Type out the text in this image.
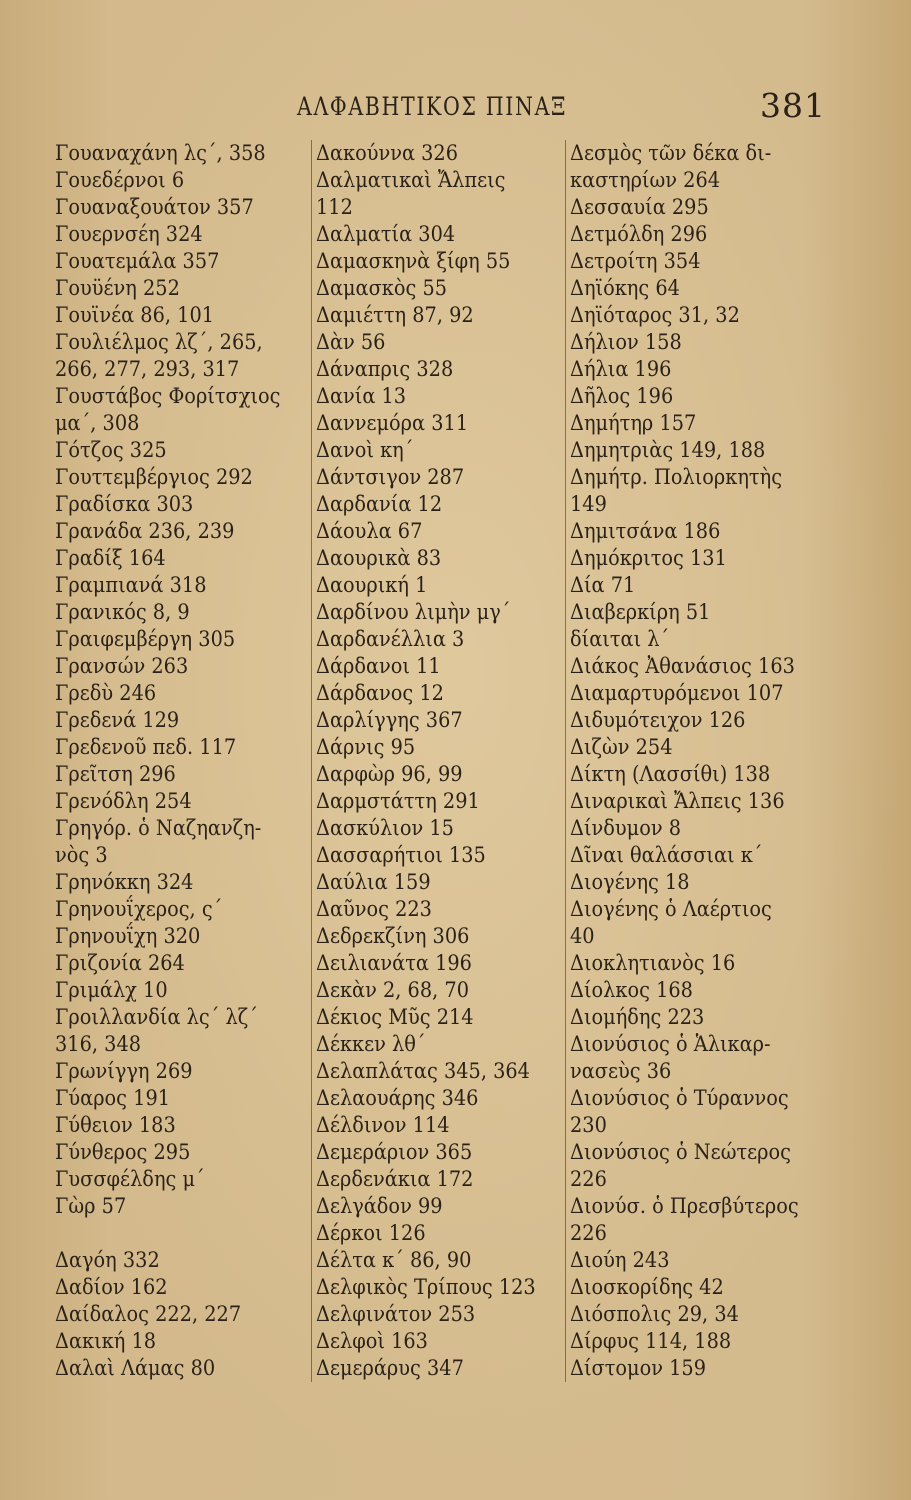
ΑΛΦΑΒΗΤΙΚΟΣ ΠΙΝΑΞ	381
Γουαναχάνη λς΄, 358
Γουεδέρνοι 6
Γουαναξουάτον 357
Γουερνσέη 324
Γουατεμάλα 357
Γουϋένη 252
Γουϊνέα 86, 101
Γουλιέλμος λζ΄, 265,
266, 277, 293, 317
Γουστάβος Φορίτσχιος
μα΄, 308
Γότζος 325
Γουττεμβέργιος 292
Γραδίσκα 303
Γρανάδα 236, 239
Γραδίξ 164
Γραμπιανά 318
Γρανικός 8, 9
Γραιφεμβέργη 305
Γρανσών 263
Γρεδὺ 246
Γρεδενά 129
Γρεδενοῦ πεδ. 117
Γρεῖτση 296
Γρενόδλη 254
Γρηγόρ. ὁ Ναζηανζη-
νὸς 3
Γρηνόκκη 324
Γρηνουΐχερος, ς΄
Γρηνουΐχη 320
Γριζονία 264
Γριμάλχ 10
Γροιλλανδία λς΄ λζ΄
316, 348
Γρωνίγγη 269
Γύαρος 191
Γύθειον 183
Γύνθερος 295
Γυσσφέλδης μ΄
Γὼρ 57
Δαγόη 332
Δαδίον 162
Δαίδαλος 222, 227
Δακική 18
Δαλαὶ Λάμας 80
Δακούννα 326
Δαλματικαὶ Ἄλπεις
112
Δαλματία 304
Δαμασκηνὰ ξίφη 55
Δαμασκὸς 55
Δαμιέττη 87, 92
Δὰν 56
Δάναπρις 328
Δανία 13
Δαννεμόρα 311
Δανοὶ κη΄
Δάντσιγον 287
Δαρδανία 12
Δάουλα 67
Δαουρικὰ 83
Δαουρική 1
Δαρδίνου λιμὴν μγ΄
Δαρδανέλλια 3
Δάρδανοι 11
Δάρδανος 12
Δαρλίγγης 367
Δάρνις 95
Δαρφὼρ 96, 99
Δαρμστάττη 291
Δασκύλιον 15
Δασσαρήτιοι 135
Δαύλια 159
Δαῦνος 223
Δεδρεκζίνη 306
Δειλιανάτα 196
Δεκὰν 2, 68, 70
Δέκιος Μῦς 214
Δέκκεν λθ΄
Δελαπλάτας 345, 364
Δελαουάρης 346
Δέλδινον 114
Δεμεράριον 365
Δερδενάκια 172
Δελγάδον 99
Δέρκοι 126
Δέλτα κ΄ 86, 90
Δελφικὸς Τρίπους 123
Δελφινάτον 253
Δελφοὶ 163
Δεμεράρυς 347
Δεσμὸς τῶν δέκα δι-
καστηρίων 264
Δεσσαυία 295
Δετμόλδη 296
Δετροίτη 354
Δηϊόκης 64
Δηϊόταρος 31, 32
Δήλιον 158
Δήλια 196
Δῆλος 196
Δημήτηρ 157
Δημητριὰς 149, 188
Δημήτρ. Πολιορκητὴς
149
Δημιτσάνα 186
Δημόκριτος 131
Δία 71
Διαβερκίρη 51
δίαιται λ΄
Διάκος Ἀθανάσιος 163
Διαμαρτυρόμενοι 107
Διδυμότειχον 126
Διζὼν 254
Δίκτη (Λασσίθι) 138
Διναρικαὶ Ἄλπεις 136
Δίνδυμον 8
Δῖναι θαλάσσιαι κ΄
Διογένης 18
Διογένης ὁ Λαέρτιος
40
Διοκλητιανὸς 16
Δίολκος 168
Διομήδης 223
Διονύσιος ὁ Ἁλικαρ-
νασεὺς 36
Διονύσιος ὁ Τύραννος
230
Διονύσιος ὁ Νεώτερος
226
Διονύσ. ὁ Πρεσβύτερος
226
Διούη 243
Διοσκορίδης 42
Διόσπολις 29, 34
Δίρφυς 114, 188
Δίστομον 159
